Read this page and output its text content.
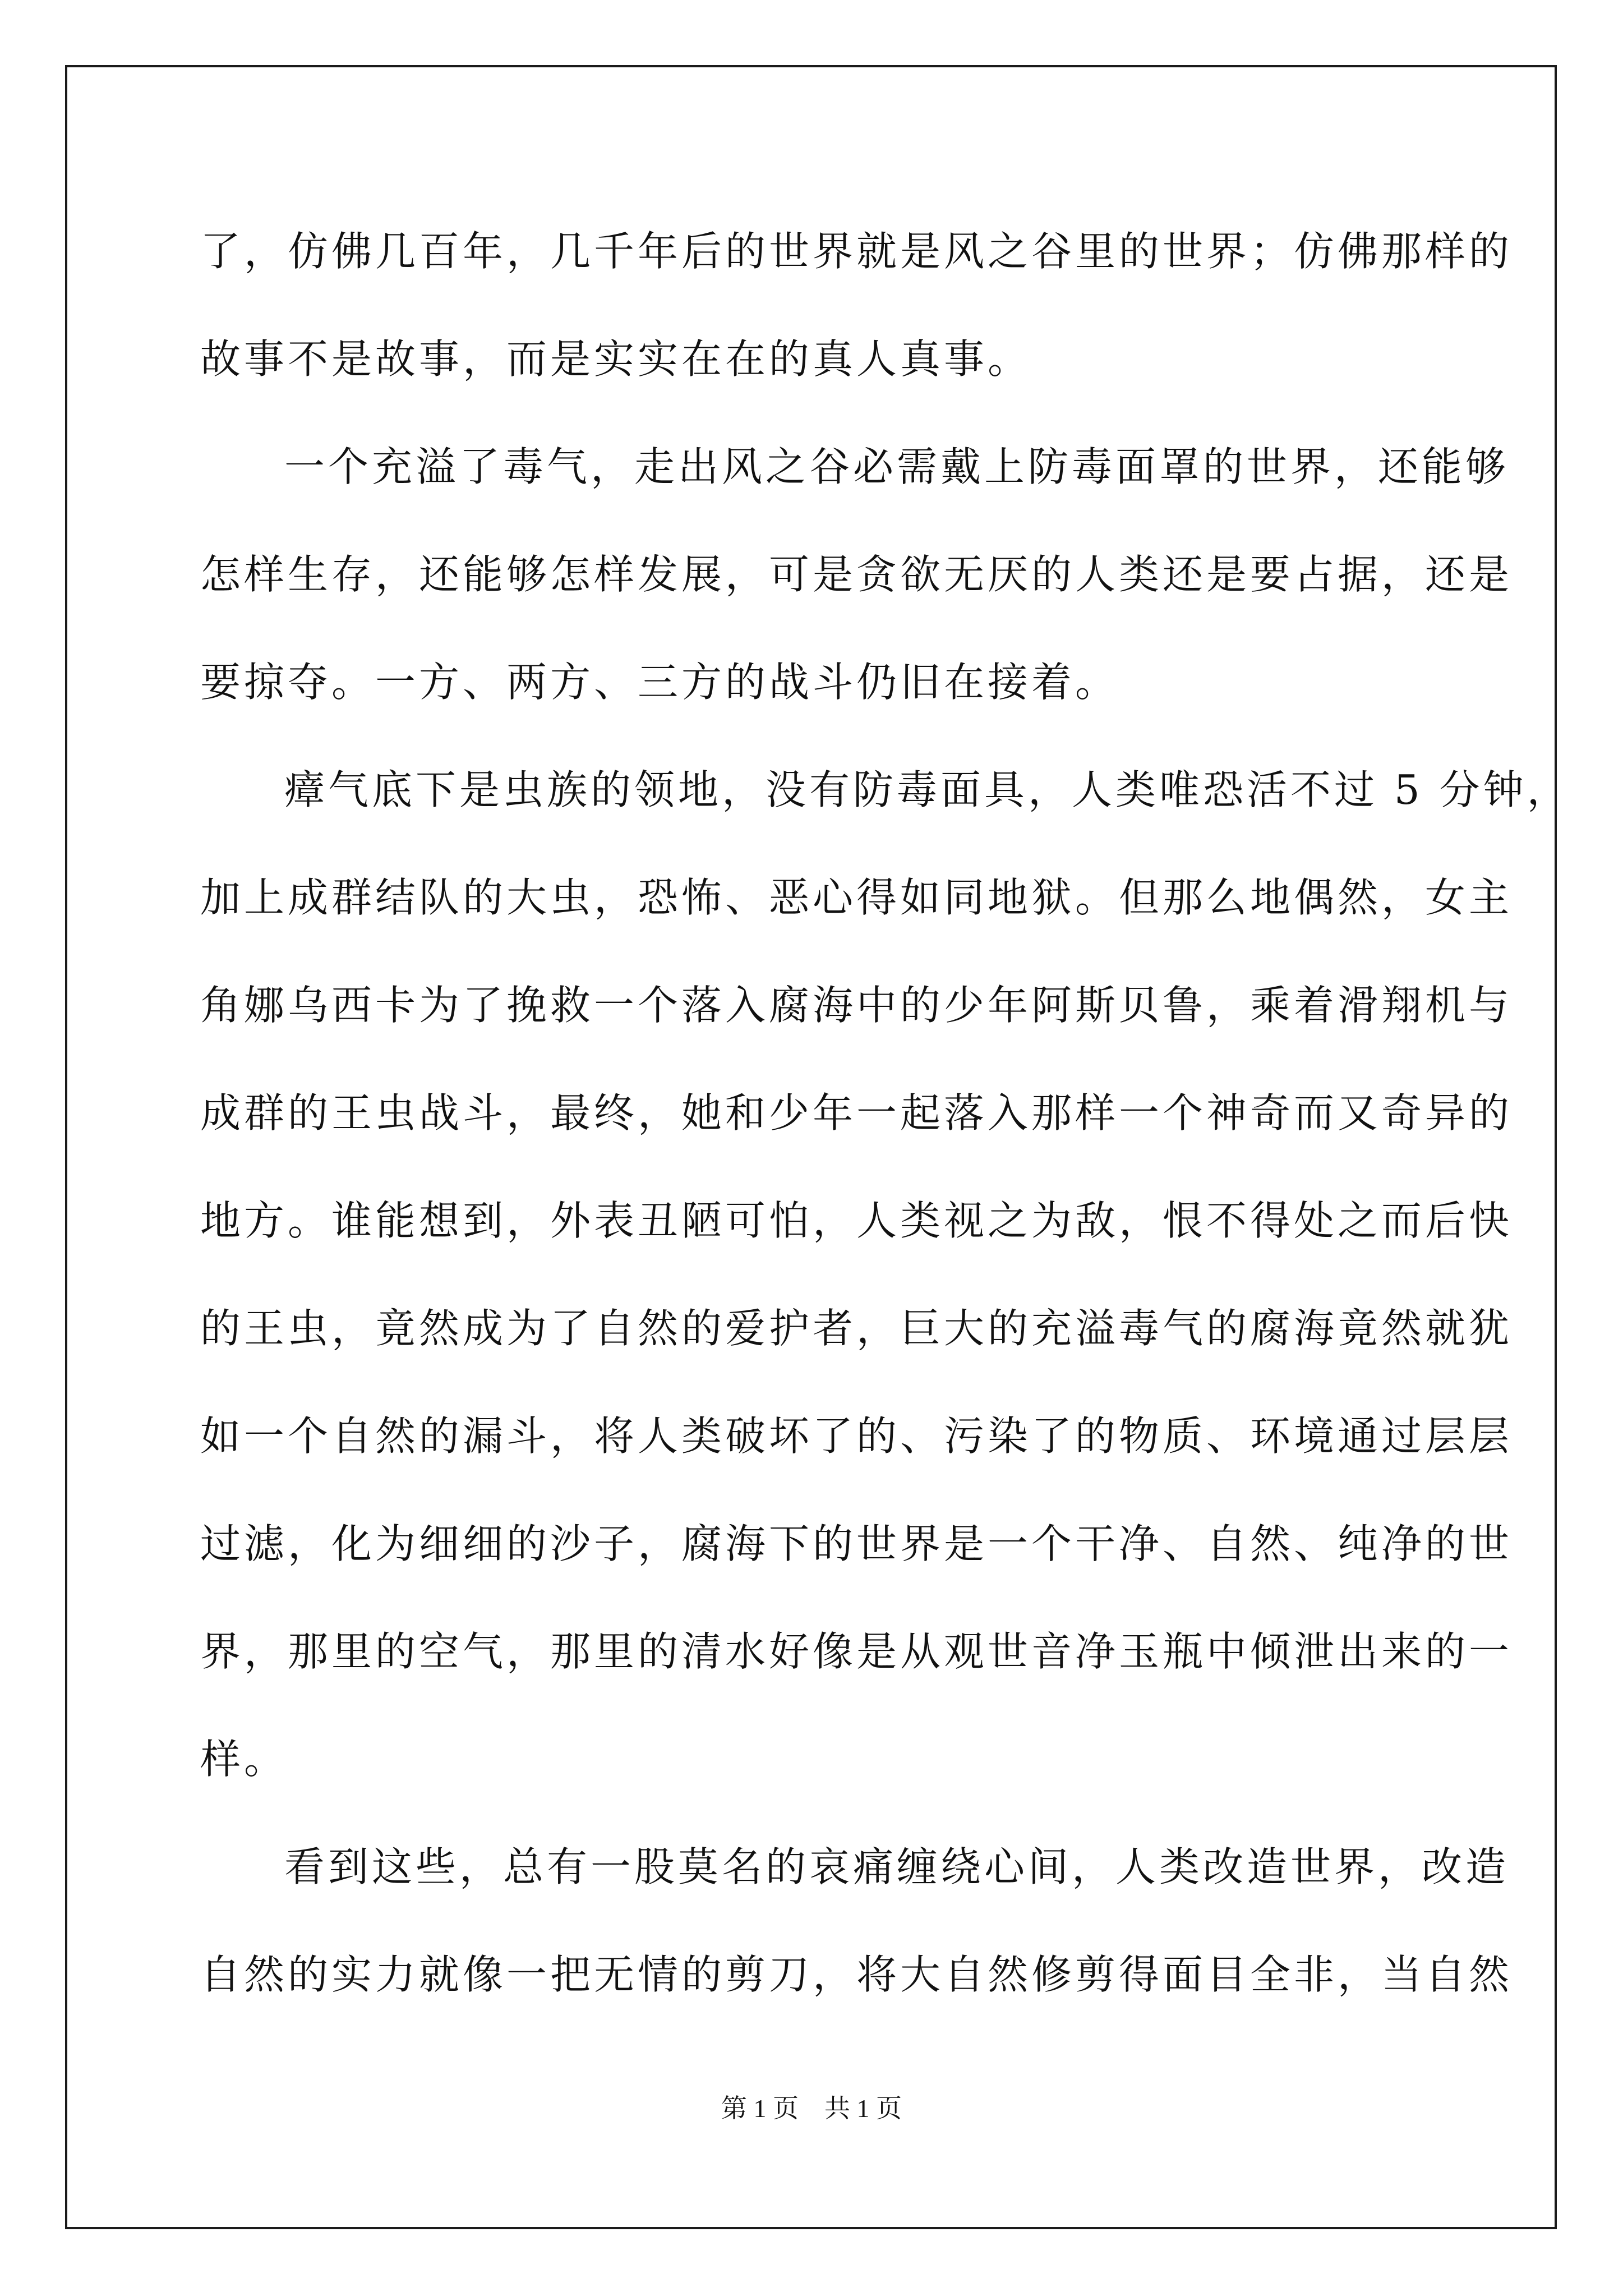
了，仿佛几百年，几千年后的世界就是风之谷里的世界；仿佛那样的
故事不是故事，而是实实在在的真人真事。
一个充溢了毒气，走出风之谷必需戴上防毒面罩的世界，还能够
怎样生存，还能够怎样发展，可是贪欲无厌的人类还是要占据，还是
要掠夺。一方、两方、三方的战斗仍旧在接着。
瘴气底下是虫族的领地，没有防毒面具，人类唯恐活不过 5 分钟，
加上成群结队的大虫，恐怖、恶心得如同地狱。但那么地偶然，女主
角娜乌西卡为了挽救一个落入腐海中的少年阿斯贝鲁，乘着滑翔机与
成群的王虫战斗，最终，她和少年一起落入那样一个神奇而又奇异的
地方。谁能想到，外表丑陋可怕，人类视之为敌，恨不得处之而后快
的王虫，竟然成为了自然的爱护者，巨大的充溢毒气的腐海竟然就犹
如一个自然的漏斗，将人类破坏了的、污染了的物质、环境通过层层
过滤，化为细细的沙子，腐海下的世界是一个干净、自然、纯净的世
界，那里的空气，那里的清水好像是从观世音净玉瓶中倾泄出来的一
样。
看到这些，总有一股莫名的哀痛缠绕心间，人类改造世界，改造
自然的实力就像一把无情的剪刀，将大自然修剪得面目全非，当自然
第 1 页　共 1 页
